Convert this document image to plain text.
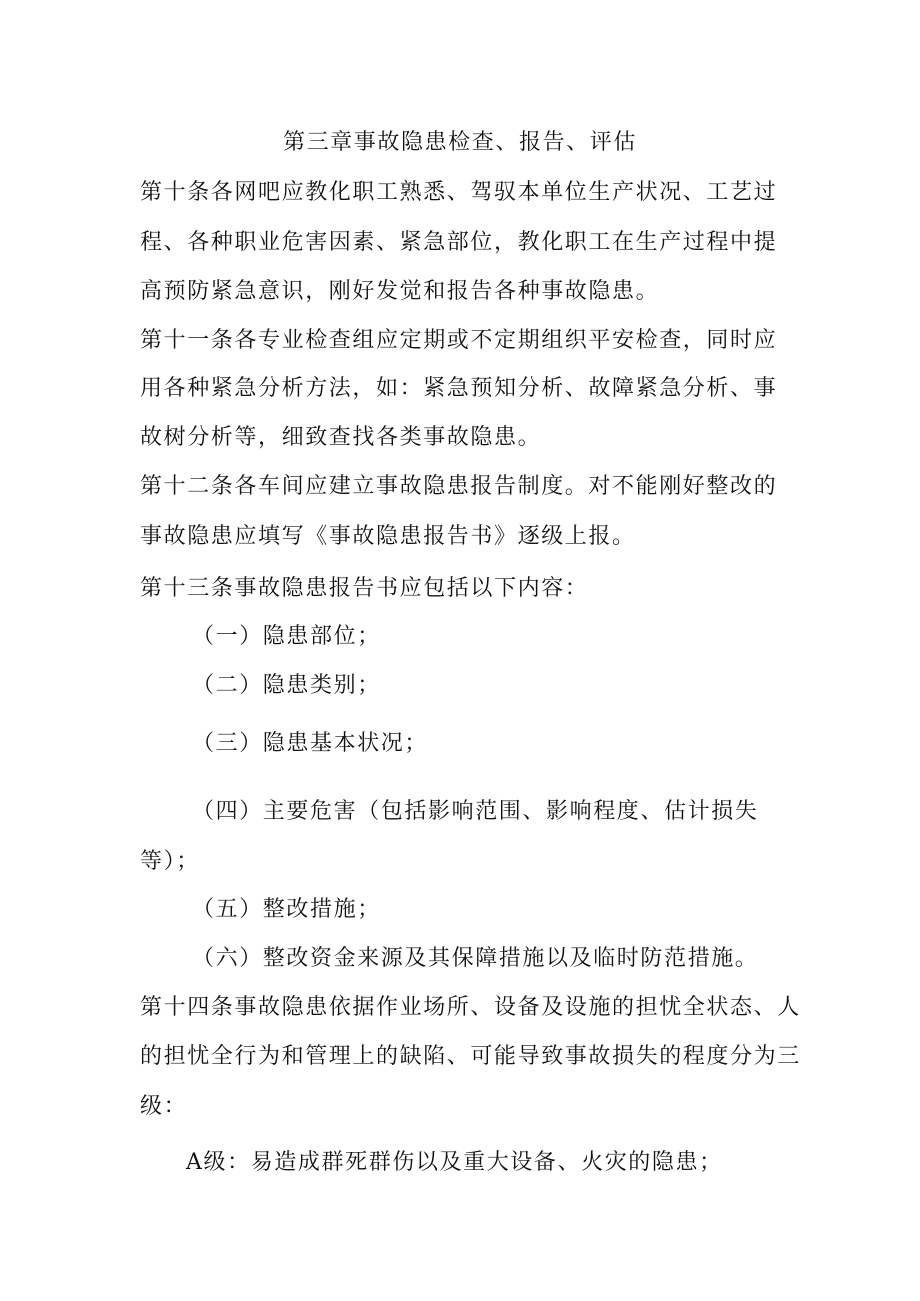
第三章事故隐患检查、报告、评估
第十条各网吧应教化职工熟悉、驾驭本单位生产状况、工艺过
程、各种职业危害因素、紧急部位，教化职工在生产过程中提
高预防紧急意识，刚好发觉和报告各种事故隐患。
第十一条各专业检查组应定期或不定期组织平安检查，同时应
用各种紧急分析方法，如：紧急预知分析、故障紧急分析、事
故树分析等，细致查找各类事故隐患。
第十二条各车间应建立事故隐患报告制度。对不能刚好整改的
事故隐患应填写《事故隐患报告书》逐级上报。
第十三条事故隐患报告书应包括以下内容：
（一）隐患部位；
（二）隐患类别；
（三）隐患基本状况；
（四）主要危害（包括影响范围、影响程度、估计损失
等）；
（五）整改措施；
（六）整改资金来源及其保障措施以及临时防范措施。
第十四条事故隐患依据作业场所、设备及设施的担忧全状态、人
的担忧全行为和管理上的缺陷、可能导致事故损失的程度分为三
级：
A级：易造成群死群伤以及重大设备、火灾的隐患；
